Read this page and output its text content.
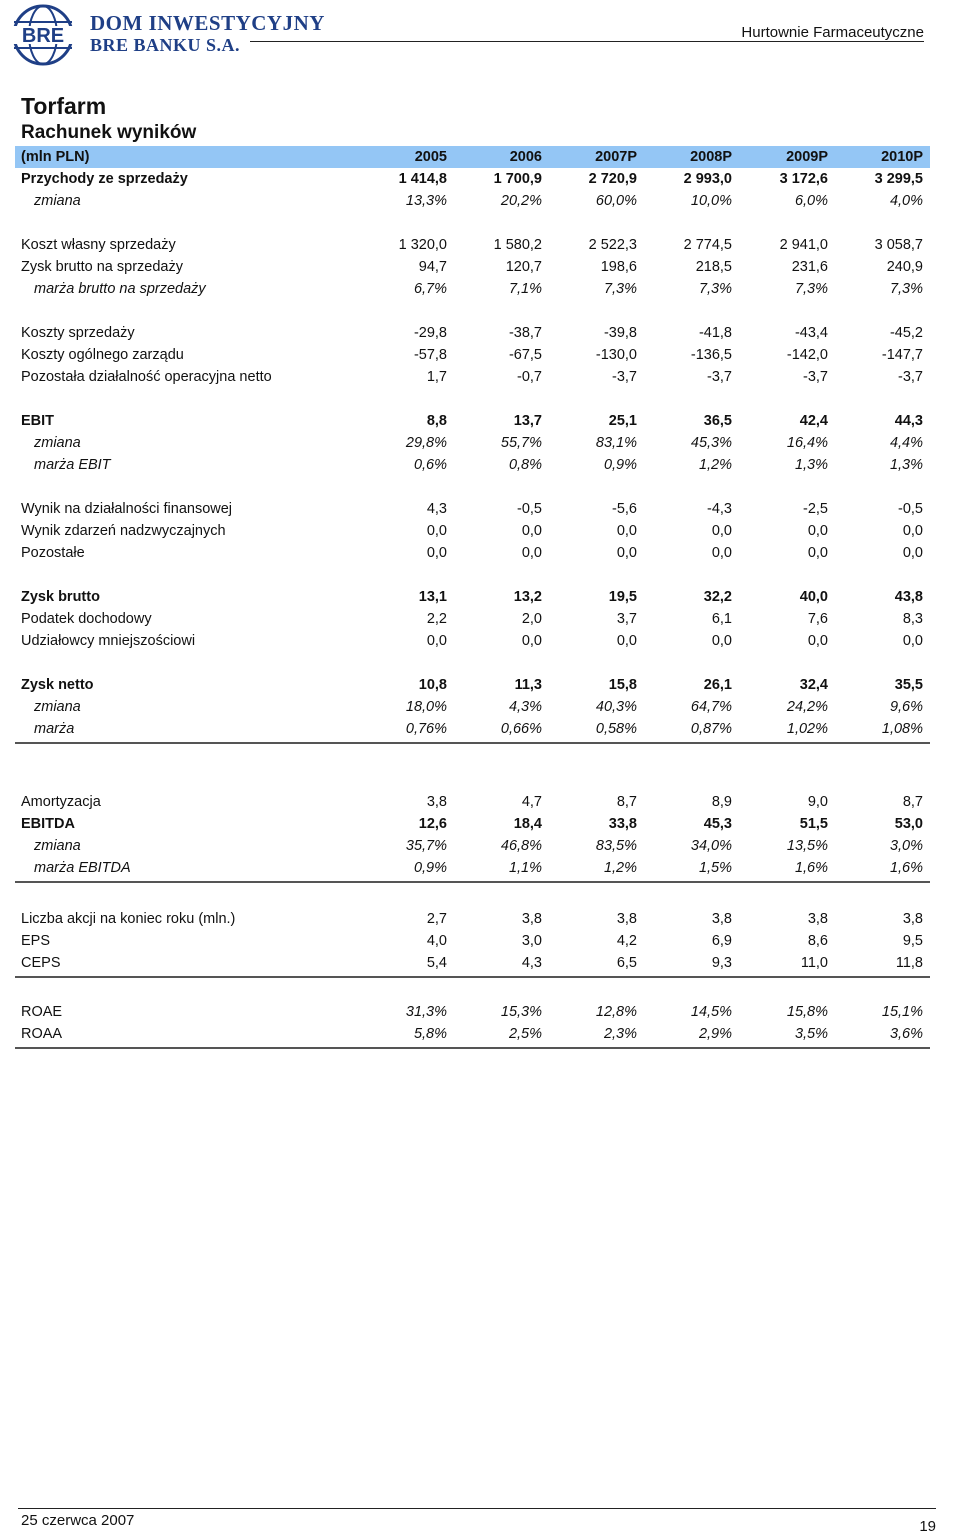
BRE
DOM INWESTYCYJNY
BRE BANKU S.A.
Hurtownie Farmaceutyczne
Torfarm
Rachunek wyników
(mln PLN)	2005	2006	2007P	2008P	2009P	2010P
Przychody ze sprzedaży	1 414,8	1 700,9	2 720,9	2 993,0	3 172,6	3 299,5
zmiana	13,3%	20,2%	60,0%	10,0%	6,0%	4,0%
Koszt własny sprzedaży	1 320,0	1 580,2	2 522,3	2 774,5	2 941,0	3 058,7
Zysk brutto na sprzedaży	94,7	120,7	198,6	218,5	231,6	240,9
marża brutto na sprzedaży	6,7%	7,1%	7,3%	7,3%	7,3%	7,3%
Koszty sprzedaży	-29,8	-38,7	-39,8	-41,8	-43,4	-45,2
Koszty ogólnego zarządu	-57,8	-67,5	-130,0	-136,5	-142,0	-147,7
Pozostała działalność operacyjna netto	1,7	-0,7	-3,7	-3,7	-3,7	-3,7
EBIT	8,8	13,7	25,1	36,5	42,4	44,3
zmiana	29,8%	55,7%	83,1%	45,3%	16,4%	4,4%
marża EBIT	0,6%	0,8%	0,9%	1,2%	1,3%	1,3%
Wynik na działalności finansowej	4,3	-0,5	-5,6	-4,3	-2,5	-0,5
Wynik zdarzeń nadzwyczajnych	0,0	0,0	0,0	0,0	0,0	0,0
Pozostałe	0,0	0,0	0,0	0,0	0,0	0,0
Zysk brutto	13,1	13,2	19,5	32,2	40,0	43,8
Podatek dochodowy	2,2	2,0	3,7	6,1	7,6	8,3
Udziałowcy mniejszościowi	0,0	0,0	0,0	0,0	0,0	0,0
Zysk netto	10,8	11,3	15,8	26,1	32,4	35,5
zmiana	18,0%	4,3%	40,3%	64,7%	24,2%	9,6%
marża	0,76%	0,66%	0,58%	0,87%	1,02%	1,08%
Amortyzacja	3,8	4,7	8,7	8,9	9,0	8,7
EBITDA	12,6	18,4	33,8	45,3	51,5	53,0
zmiana	35,7%	46,8%	83,5%	34,0%	13,5%	3,0%
marża EBITDA	0,9%	1,1%	1,2%	1,5%	1,6%	1,6%
Liczba akcji na koniec roku (mln.)	2,7	3,8	3,8	3,8	3,8	3,8
EPS	4,0	3,0	4,2	6,9	8,6	9,5
CEPS	5,4	4,3	6,5	9,3	11,0	11,8
ROAE	31,3%	15,3%	12,8%	14,5%	15,8%	15,1%
ROAA	5,8%	2,5%	2,3%	2,9%	3,5%	3,6%
25 czerwca 2007	19
